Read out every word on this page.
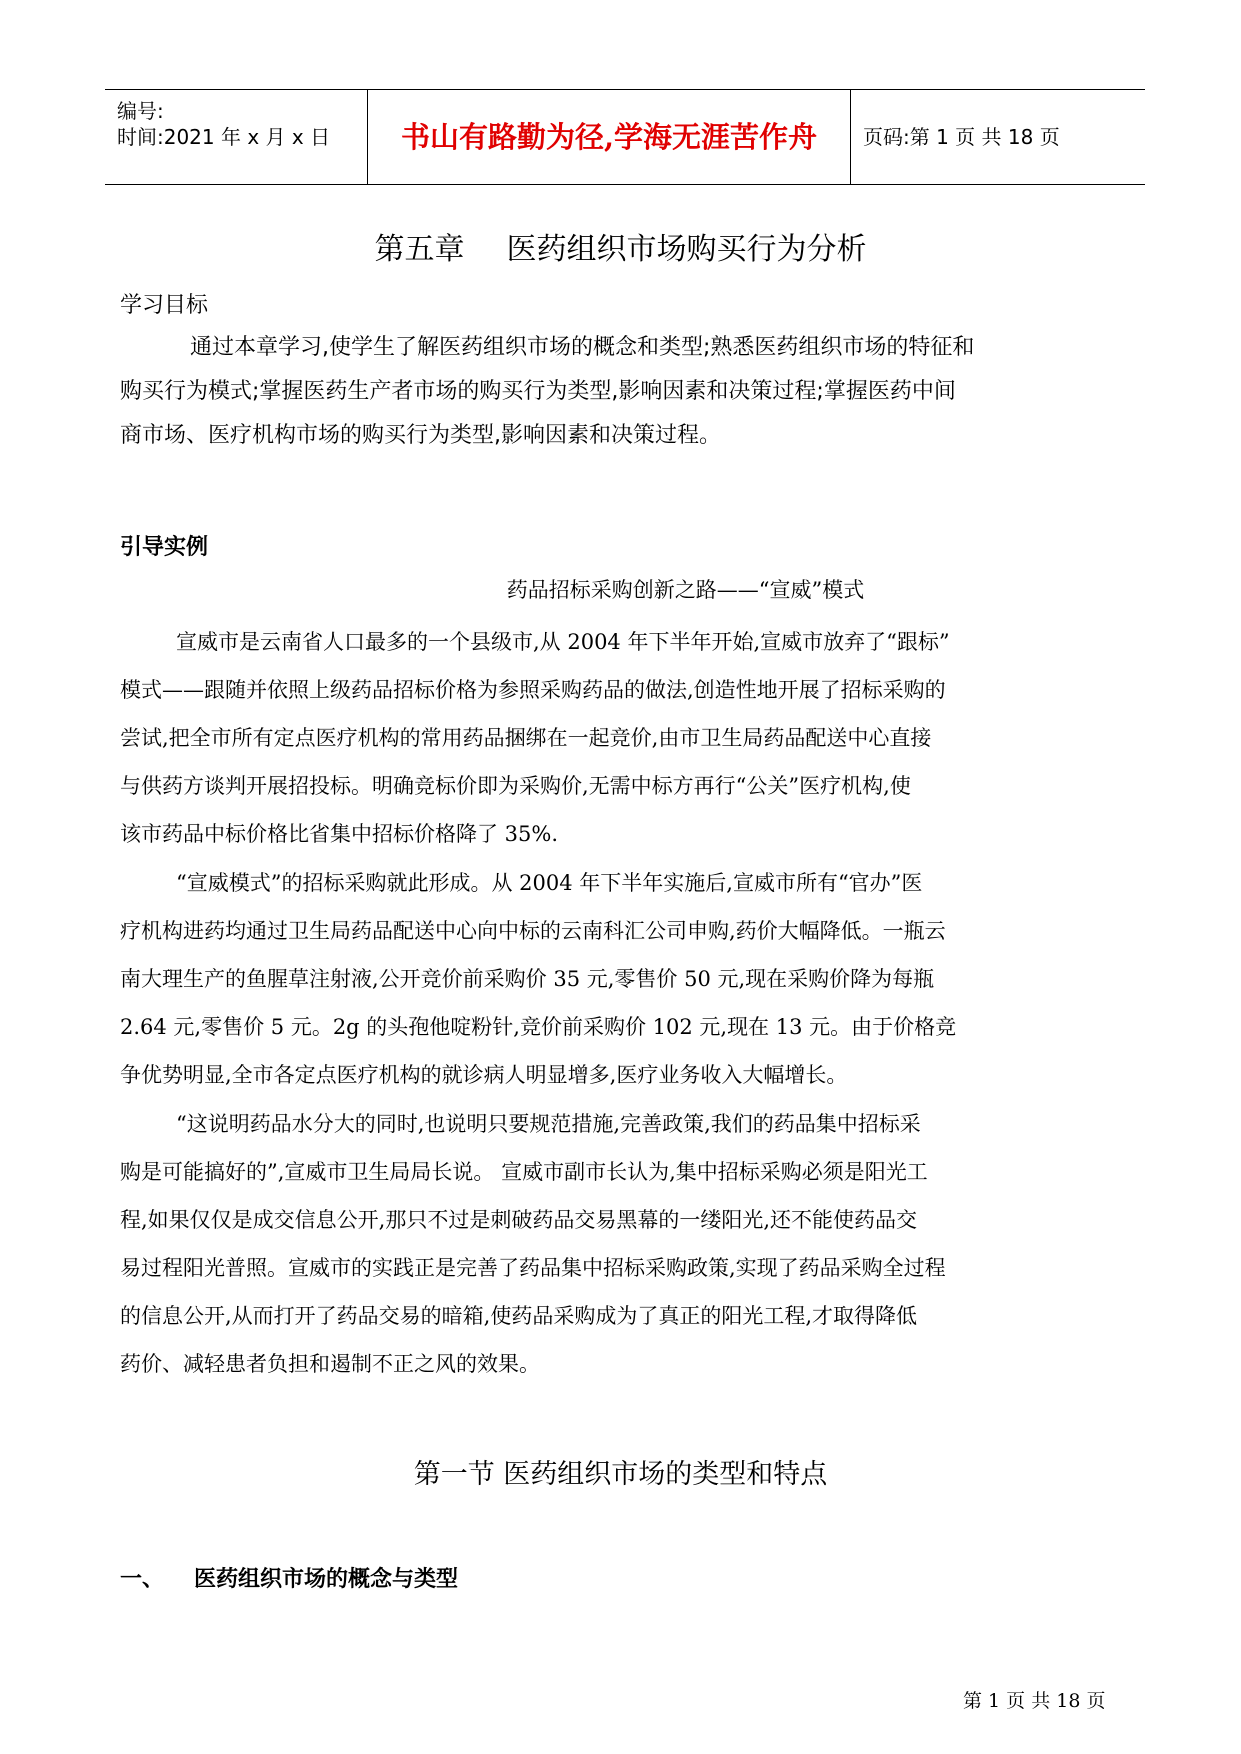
编号:
时间:2021 年 x 月 x 日	书山有路勤为径,学海无涯苦作舟	页码:第 1 页 共 18 页
第五章 医药组织市场购买行为分析
学习目标
通过本章学习,使学生了解医药组织市场的概念和类型;熟悉医药组织市场的特征和
购买行为模式;掌握医药生产者市场的购买行为类型,影响因素和决策过程;掌握医药中间
商市场、医疗机构市场的购买行为类型,影响因素和决策过程。
引导实例
药品招标采购创新之路——“宣威”模式
宣威市是云南省人口最多的一个县级市,从 2004 年下半年开始,宣威市放弃了“跟标”
模式——跟随并依照上级药品招标价格为参照采购药品的做法,创造性地开展了招标采购的
尝试,把全市所有定点医疗机构的常用药品捆绑在一起竞价,由市卫生局药品配送中心直接
与供药方谈判开展招投标。明确竞标价即为采购价,无需中标方再行“公关”医疗机构,使
该市药品中标价格比省集中招标价格降了 35%.
“宣威模式”的招标采购就此形成。从 2004 年下半年实施后,宣威市所有“官办”医
疗机构进药均通过卫生局药品配送中心向中标的云南科汇公司申购,药价大幅降低。一瓶云
南大理生产的鱼腥草注射液,公开竞价前采购价 35 元,零售价 50 元,现在采购价降为每瓶
2.64 元,零售价 5 元。2g 的头孢他啶粉针,竞价前采购价 102 元,现在 13 元。由于价格竞
争优势明显,全市各定点医疗机构的就诊病人明显增多,医疗业务收入大幅增长。
“这说明药品水分大的同时,也说明只要规范措施,完善政策,我们的药品集中招标采
购是可能搞好的”,宣威市卫生局局长说。 宣威市副市长认为,集中招标采购必须是阳光工
程,如果仅仅是成交信息公开,那只不过是刺破药品交易黑幕的一缕阳光,还不能使药品交
易过程阳光普照。宣威市的实践正是完善了药品集中招标采购政策,实现了药品采购全过程
的信息公开,从而打开了药品交易的暗箱,使药品采购成为了真正的阳光工程,才取得降低
药价、减轻患者负担和遏制不正之风的效果。
第一节 医药组织市场的类型和特点
一、 医药组织市场的概念与类型
第 1 页 共 18 页
